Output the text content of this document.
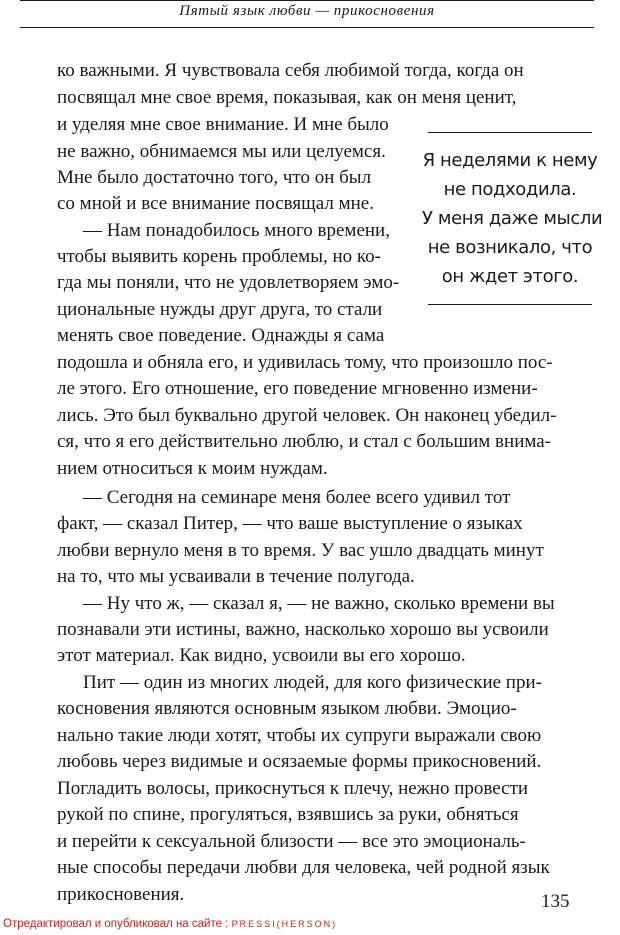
Пятый язык любви — прикосновения
ко важными. Я чувствовала себя любимой тогда, когда он
посвящал мне свое время, показывая, как он меня ценит,
и уделяя мне свое внимание. И мне было
не важно, обнимаемся мы или целуемся.
Мне было достаточно того, что он был
со мной и все внимание посвящал мне.
— Нам понадобилось много времени,
чтобы выявить корень проблемы, но ко-
гда мы поняли, что не удовлетворяем эмо-
циональные нужды друг друга, то стали
менять свое поведение. Однажды я сама
подошла и обняла его, и удивилась тому, что произошло пос-
ле этого. Его отношение, его поведение мгновенно измени-
лись. Это был буквально другой человек. Он наконец убедил-
ся, что я его действительно люблю, и стал с большим внима-
нием относиться к моим нуждам.
— Сегодня на семинаре меня более всего удивил тот
факт, — сказал Питер, — что ваше выступление о языках
любви вернуло меня в то время. У вас ушло двадцать минут
на то, что мы усваивали в течение полугода.
— Ну что ж, — сказал я, — не важно, сколько времени вы
познавали эти истины, важно, насколько хорошо вы усвоили
этот материал. Как видно, усвоили вы его хорошо.
Пит — один из многих людей, для кого физические при-
косновения являются основным языком любви. Эмоцио-
нально такие люди хотят, чтобы их супруги выражали свою
любовь через видимые и осязаемые формы прикосновений.
Погладить волосы, прикоснуться к плечу, нежно провести
рукой по спине, прогуляться, взявшись за руки, обняться
и перейти к сексуальной близости — все это эмоциональ-
ные способы передачи любви для человека, чей родной язык
прикосновения.
Я неделями к нему
не подходила.
У меня даже мысли
не возникало, что
он ждет этого.
135
Отредактировал и опубликовал на сайте : PRESSI(HERSON)
